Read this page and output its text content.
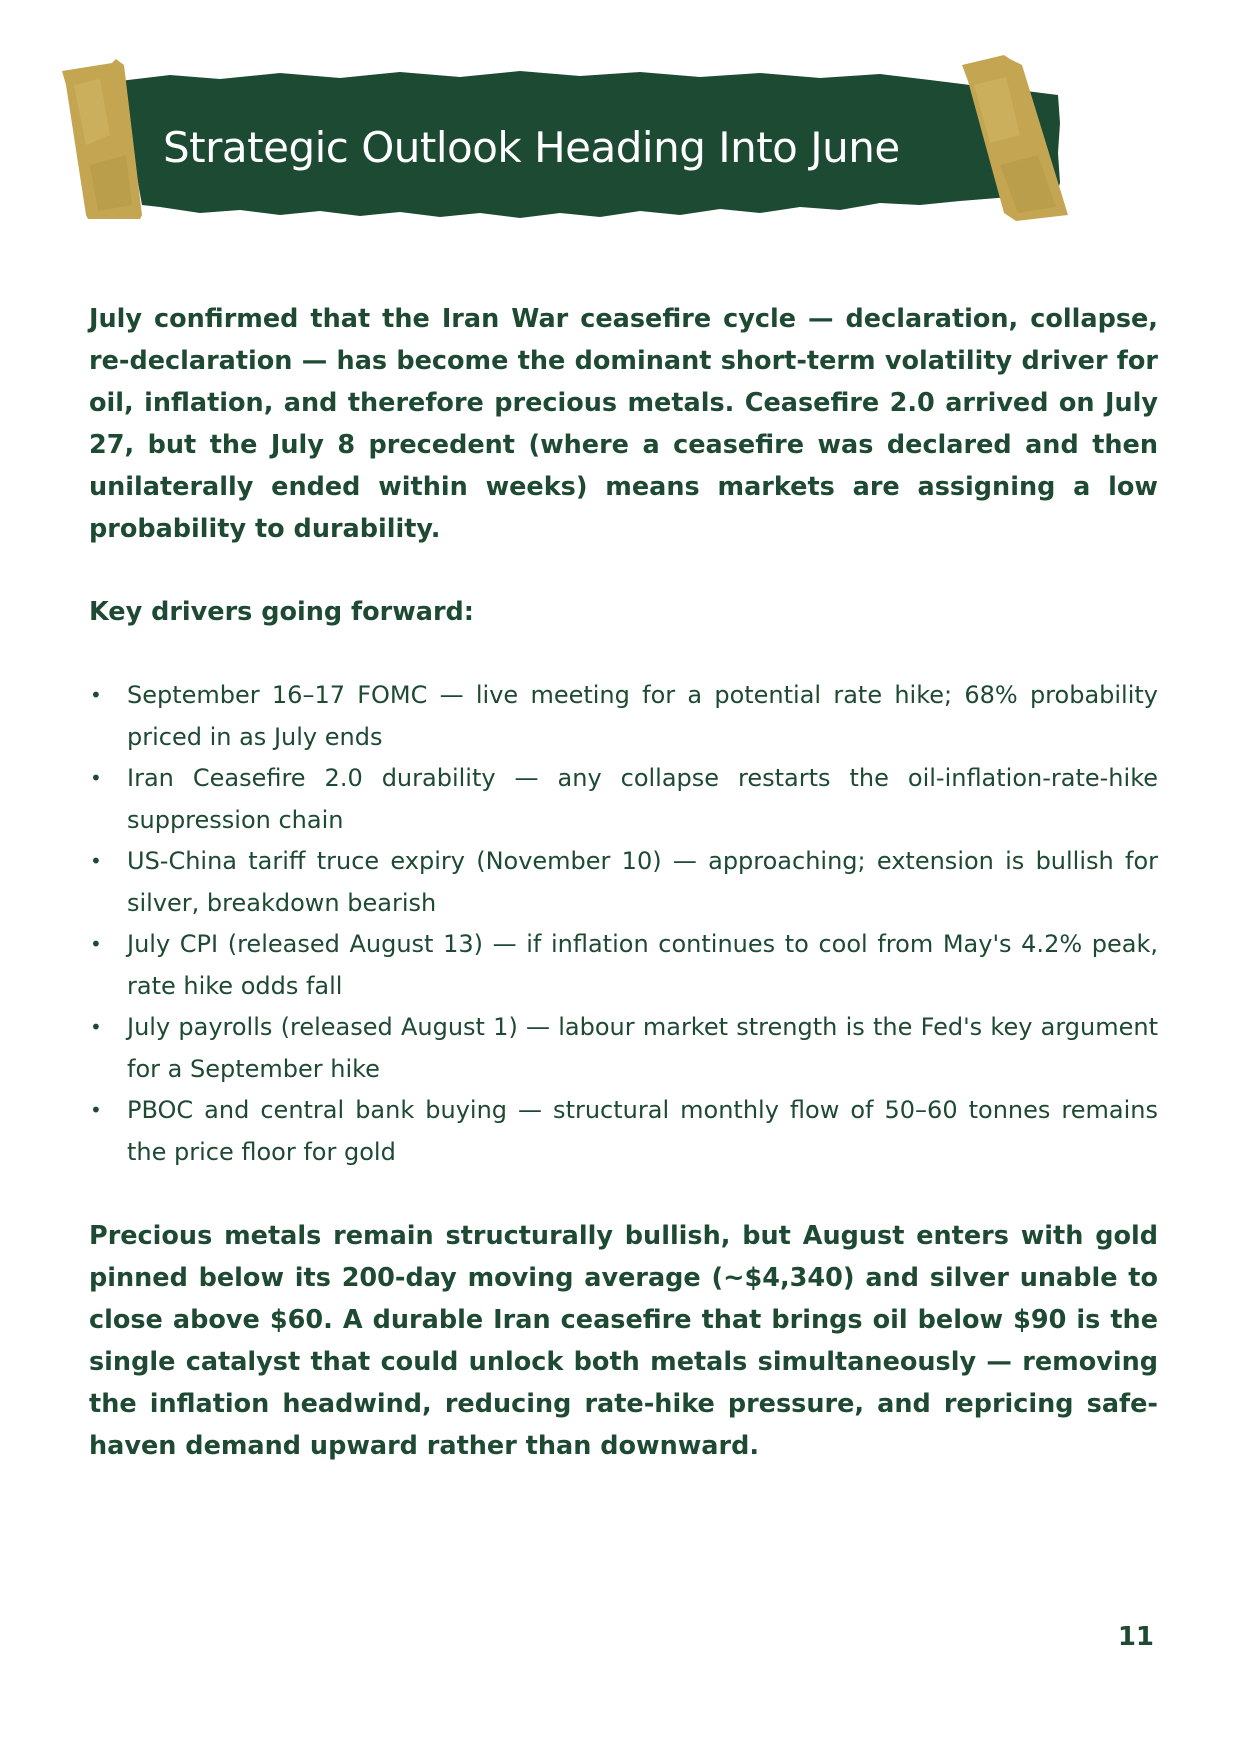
Strategic Outlook Heading Into June

July confirmed that the Iran War ceasefire cycle — declaration, collapse, re-declaration — has become the dominant short-term volatility driver for oil, inflation, and therefore precious metals. Ceasefire 2.0 arrived on July 27, but the July 8 precedent (where a ceasefire was declared and then unilaterally ended within weeks) means markets are assigning a low probability to durability.

Key drivers going forward:

• September 16–17 FOMC — live meeting for a potential rate hike; 68% probability priced in as July ends
• Iran Ceasefire 2.0 durability — any collapse restarts the oil-inflation-rate-hike suppression chain
• US-China tariff truce expiry (November 10) — approaching; extension is bullish for silver, breakdown bearish
• July CPI (released August 13) — if inflation continues to cool from May's 4.2% peak, rate hike odds fall
• July payrolls (released August 1) — labour market strength is the Fed's key argument for a September hike
• PBOC and central bank buying — structural monthly flow of 50–60 tonnes remains the price floor for gold

Precious metals remain structurally bullish, but August enters with gold pinned below its 200-day moving average (~$4,340) and silver unable to close above $60. A durable Iran ceasefire that brings oil below $90 is the single catalyst that could unlock both metals simultaneously — removing the inflation headwind, reducing rate-hike pressure, and repricing safe-haven demand upward rather than downward.

11
